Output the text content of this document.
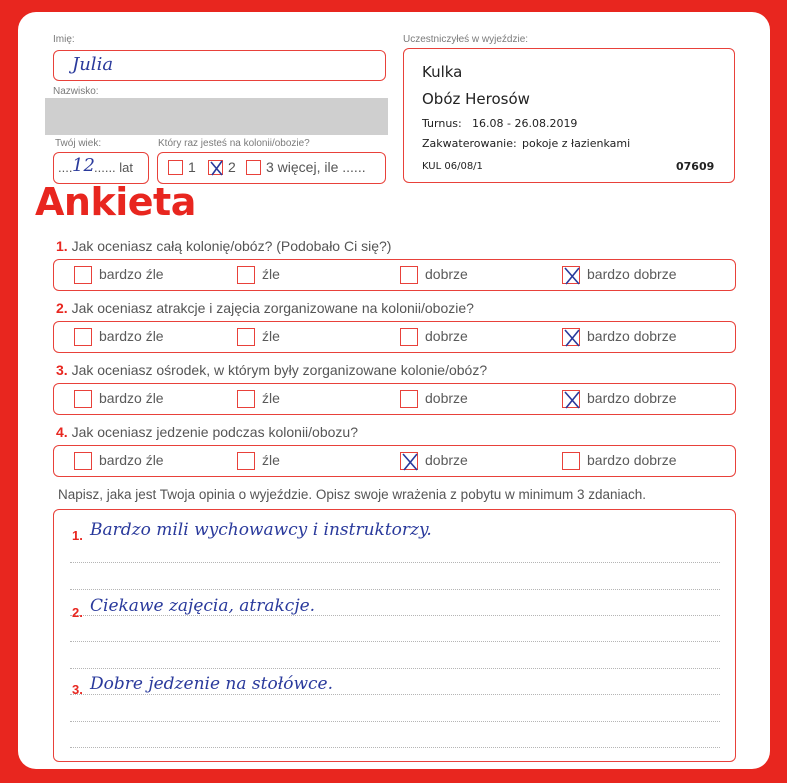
Imię:
Julia
Nazwisko:
Twój wiek:
.... 12 ...... lat
Który raz jesteś na kolonii/obozie?
1 2 3 więcej, ile ......
Uczestniczyłeś w wyjeździe:
Kulka
Obóz Herosów
Turnus: 16.08 - 26.08.2019
Zakwaterowanie: pokoje z łazienkami
KUL 06/08/1	07609
Ankieta
1. Jak oceniasz całą kolonię/obóz? (Podobało Ci się?)
bardzo źle	źle	dobrze	bardzo dobrze
2. Jak oceniasz atrakcje i zajęcia zorganizowane na kolonii/obozie?
bardzo źle	źle	dobrze	bardzo dobrze
3. Jak oceniasz ośrodek, w którym były zorganizowane kolonie/obóz?
bardzo źle	źle	dobrze	bardzo dobrze
4. Jak oceniasz jedzenie podczas kolonii/obozu?
bardzo źle	źle	dobrze	bardzo dobrze
Napisz, jaka jest Twoja opinia o wyjeździe. Opisz swoje wrażenia z pobytu w minimum 3 zdaniach.
1. Bardzo mili wychowawcy i instruktorzy.
2. Ciekawe zajęcia, atrakcje.
3. Dobre jedzenie na stołówce.
